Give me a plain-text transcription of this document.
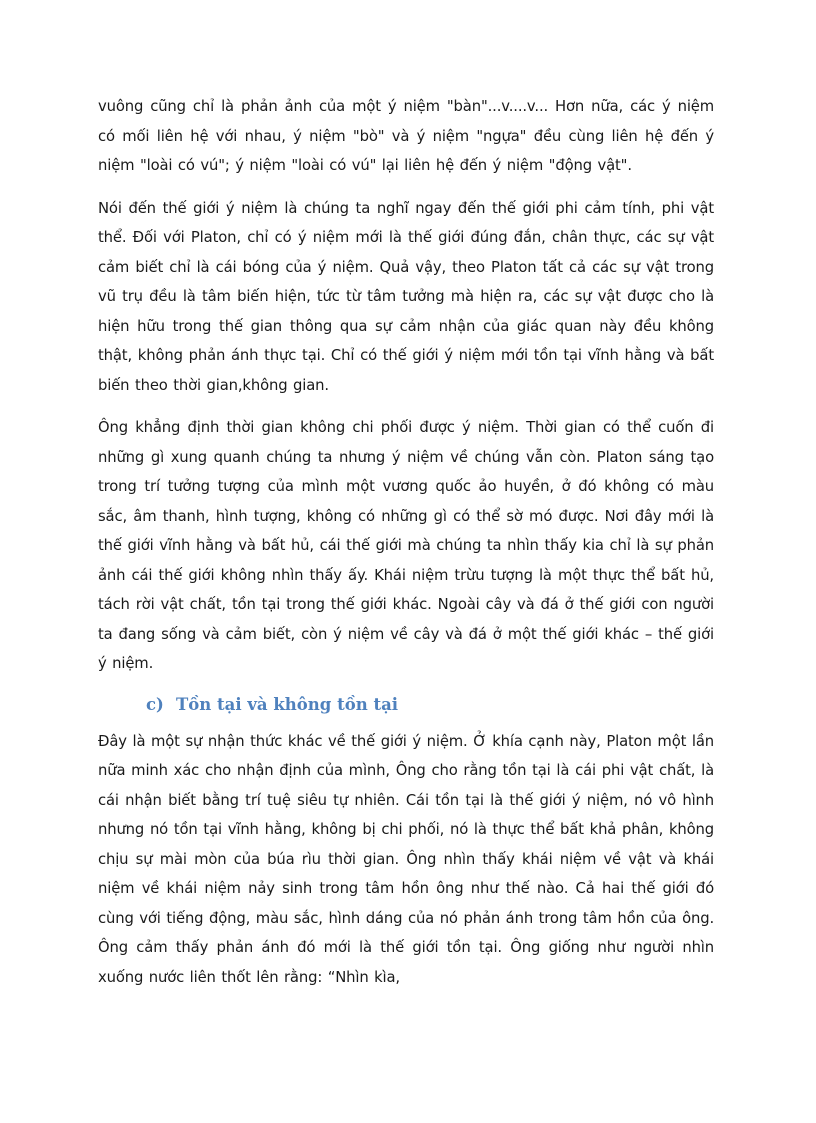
vuông cũng chỉ là phản ảnh của một ý niệm "bàn"...v....v... Hơn nữa, các ý niệm có mối liên hệ với nhau, ý niệm "bò" và ý niệm "ngựa" đều cùng liên hệ đến ý niệm "loài có vú"; ý niệm "loài có vú" lại liên hệ đến ý niệm "động vật".

Nói đến thế giới ý niệm là chúng ta nghĩ ngay đến thế giới phi cảm tính, phi vật thể. Đối với Platon, chỉ có ý niệm mới là thế giới đúng đắn, chân thực, các sự vật cảm biết chỉ là cái bóng của ý niệm. Quả vậy, theo Platon tất cả các sự vật trong vũ trụ đều là tâm biến hiện, tức từ tâm tưởng mà hiện ra, các sự vật được cho là hiện hữu trong thế gian thông qua sự cảm nhận của giác quan này đều không thật, không phản ánh thực tại. Chỉ có thế giới ý niệm mới tồn tại vĩnh hằng và bất biến theo thời gian,không gian.

Ông khẳng định thời gian không chi phối được ý niệm. Thời gian có thể cuốn đi những gì xung quanh chúng ta nhưng ý niệm về chúng vẫn còn. Platon sáng tạo trong trí tưởng tượng của mình một vương quốc ảo huyền, ở đó không có màu sắc, âm thanh, hình tượng, không có những gì có thể sờ mó được. Nơi đây mới là thế giới vĩnh hằng và bất hủ, cái thế giới mà chúng ta nhìn thấy kia chỉ là sự phản ảnh cái thế giới không nhìn thấy ấy. Khái niệm trừu tượng là một thực thể bất hủ, tách rời vật chất, tồn tại trong thế giới khác. Ngoài cây và đá ở thế giới con người ta đang sống và cảm biết, còn ý niệm về cây và đá ở một thế giới khác – thế giới ý niệm.

c) Tồn tại và không tồn tại

Đây là một sự nhận thức khác về thế giới ý niệm. Ở khía cạnh này, Platon một lần nữa minh xác cho nhận định của mình, Ông cho rằng tồn tại là cái phi vật chất, là cái nhận biết bằng trí tuệ siêu tự nhiên. Cái tồn tại là thế giới ý niệm, nó vô hình nhưng nó tồn tại vĩnh hằng, không bị chi phối, nó là thực thể bất khả phân, không chịu sự mài mòn của búa rìu thời gian. Ông nhìn thấy khái niệm về vật và khái niệm về khái niệm nảy sinh trong tâm hồn ông như thế nào. Cả hai thế giới đó cùng với tiếng động, màu sắc, hình dáng của nó phản ánh trong tâm hồn của ông. Ông cảm thấy phản ánh đó mới là thế giới tồn tại. Ông giống như người nhìn xuống nước liên thốt lên rằng: “Nhìn kìa,
